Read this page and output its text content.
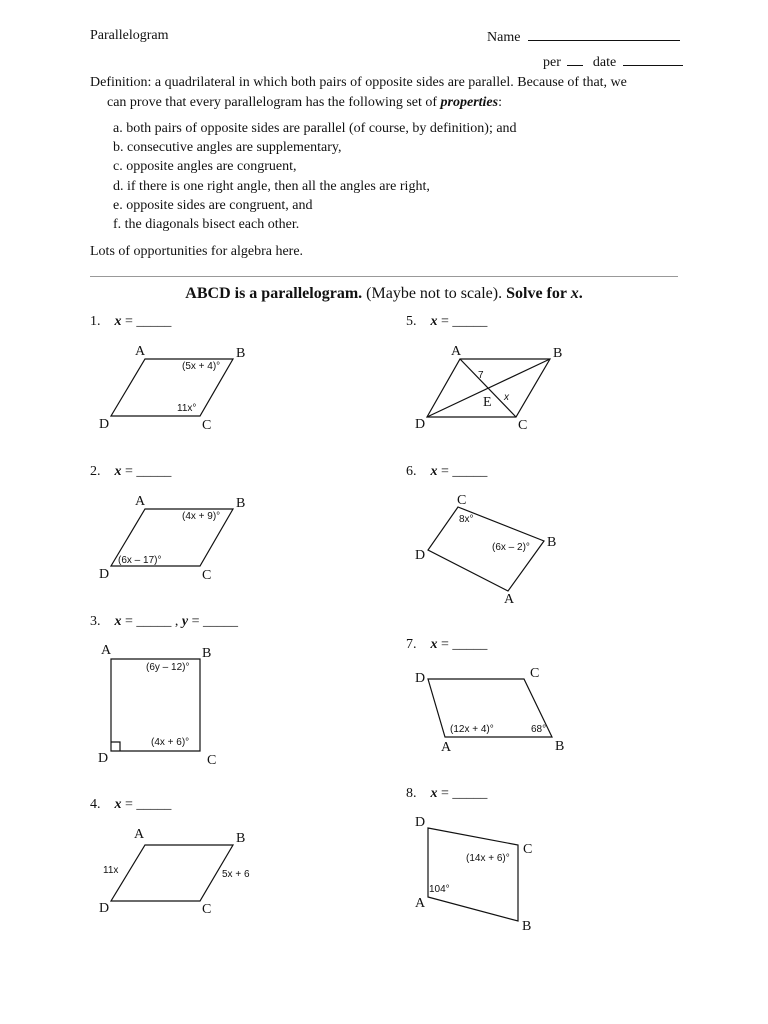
Parallelogram	Name
per date
Definition: a quadrilateral in which both pairs of opposite sides are parallel. Because of that, we
can prove that every parallelogram has the following set of properties:
a. both pairs of opposite sides are parallel (of course, by definition); and
b. consecutive angles are supplementary,
c. opposite angles are congruent,
d. if there is one right angle, then all the angles are right,
e. opposite sides are congruent, and
f. the diagonals bisect each other.
Lots of opportunities for algebra here.
ABCD is a parallelogram. (Maybe not to scale). Solve for x.
1. x = _____
2. x = _____
3. x = _____ , y = _____
4. x = _____
5. x = _____
6. x = _____
7. x = _____
8. x = _____
A	B
C
D
(5x + 4)°
11x°
A	B
C
D
(4x + 9)°
(6x – 17)°
A	B
C
D
(6y – 12)°
(4x + 6)°
A	B
C
D
11x	5x + 6
A	B
C
D
E
7
x
C
B
A
D
8x°
(6x – 2)°
D	C
A	B
(12x + 4)°	68°
D
C
A
B
(14x + 6)°
104°
